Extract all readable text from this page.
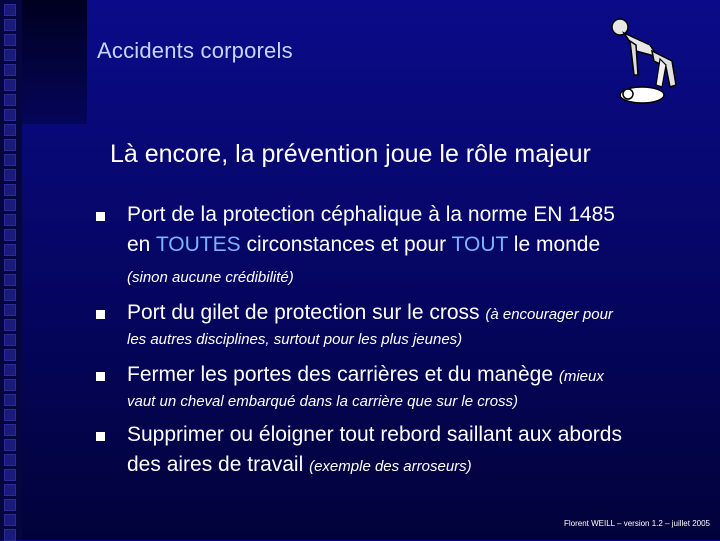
Accidents corporels
Là encore, la prévention joue le rôle majeur
Port de la protection céphalique à la norme EN 1485
en TOUTES circonstances et pour TOUT le monde
(sinon aucune crédibilité)
Port du gilet de protection sur le cross (à encourager pour
les autres disciplines, surtout pour les plus jeunes)
Fermer les portes des carrières et du manège (mieux
vaut un cheval embarqué dans la carrière que sur le cross)
Supprimer ou éloigner tout rebord saillant aux abords
des aires de travail (exemple des arroseurs)
Florent WEILL – version 1.2 – juillet 2005
